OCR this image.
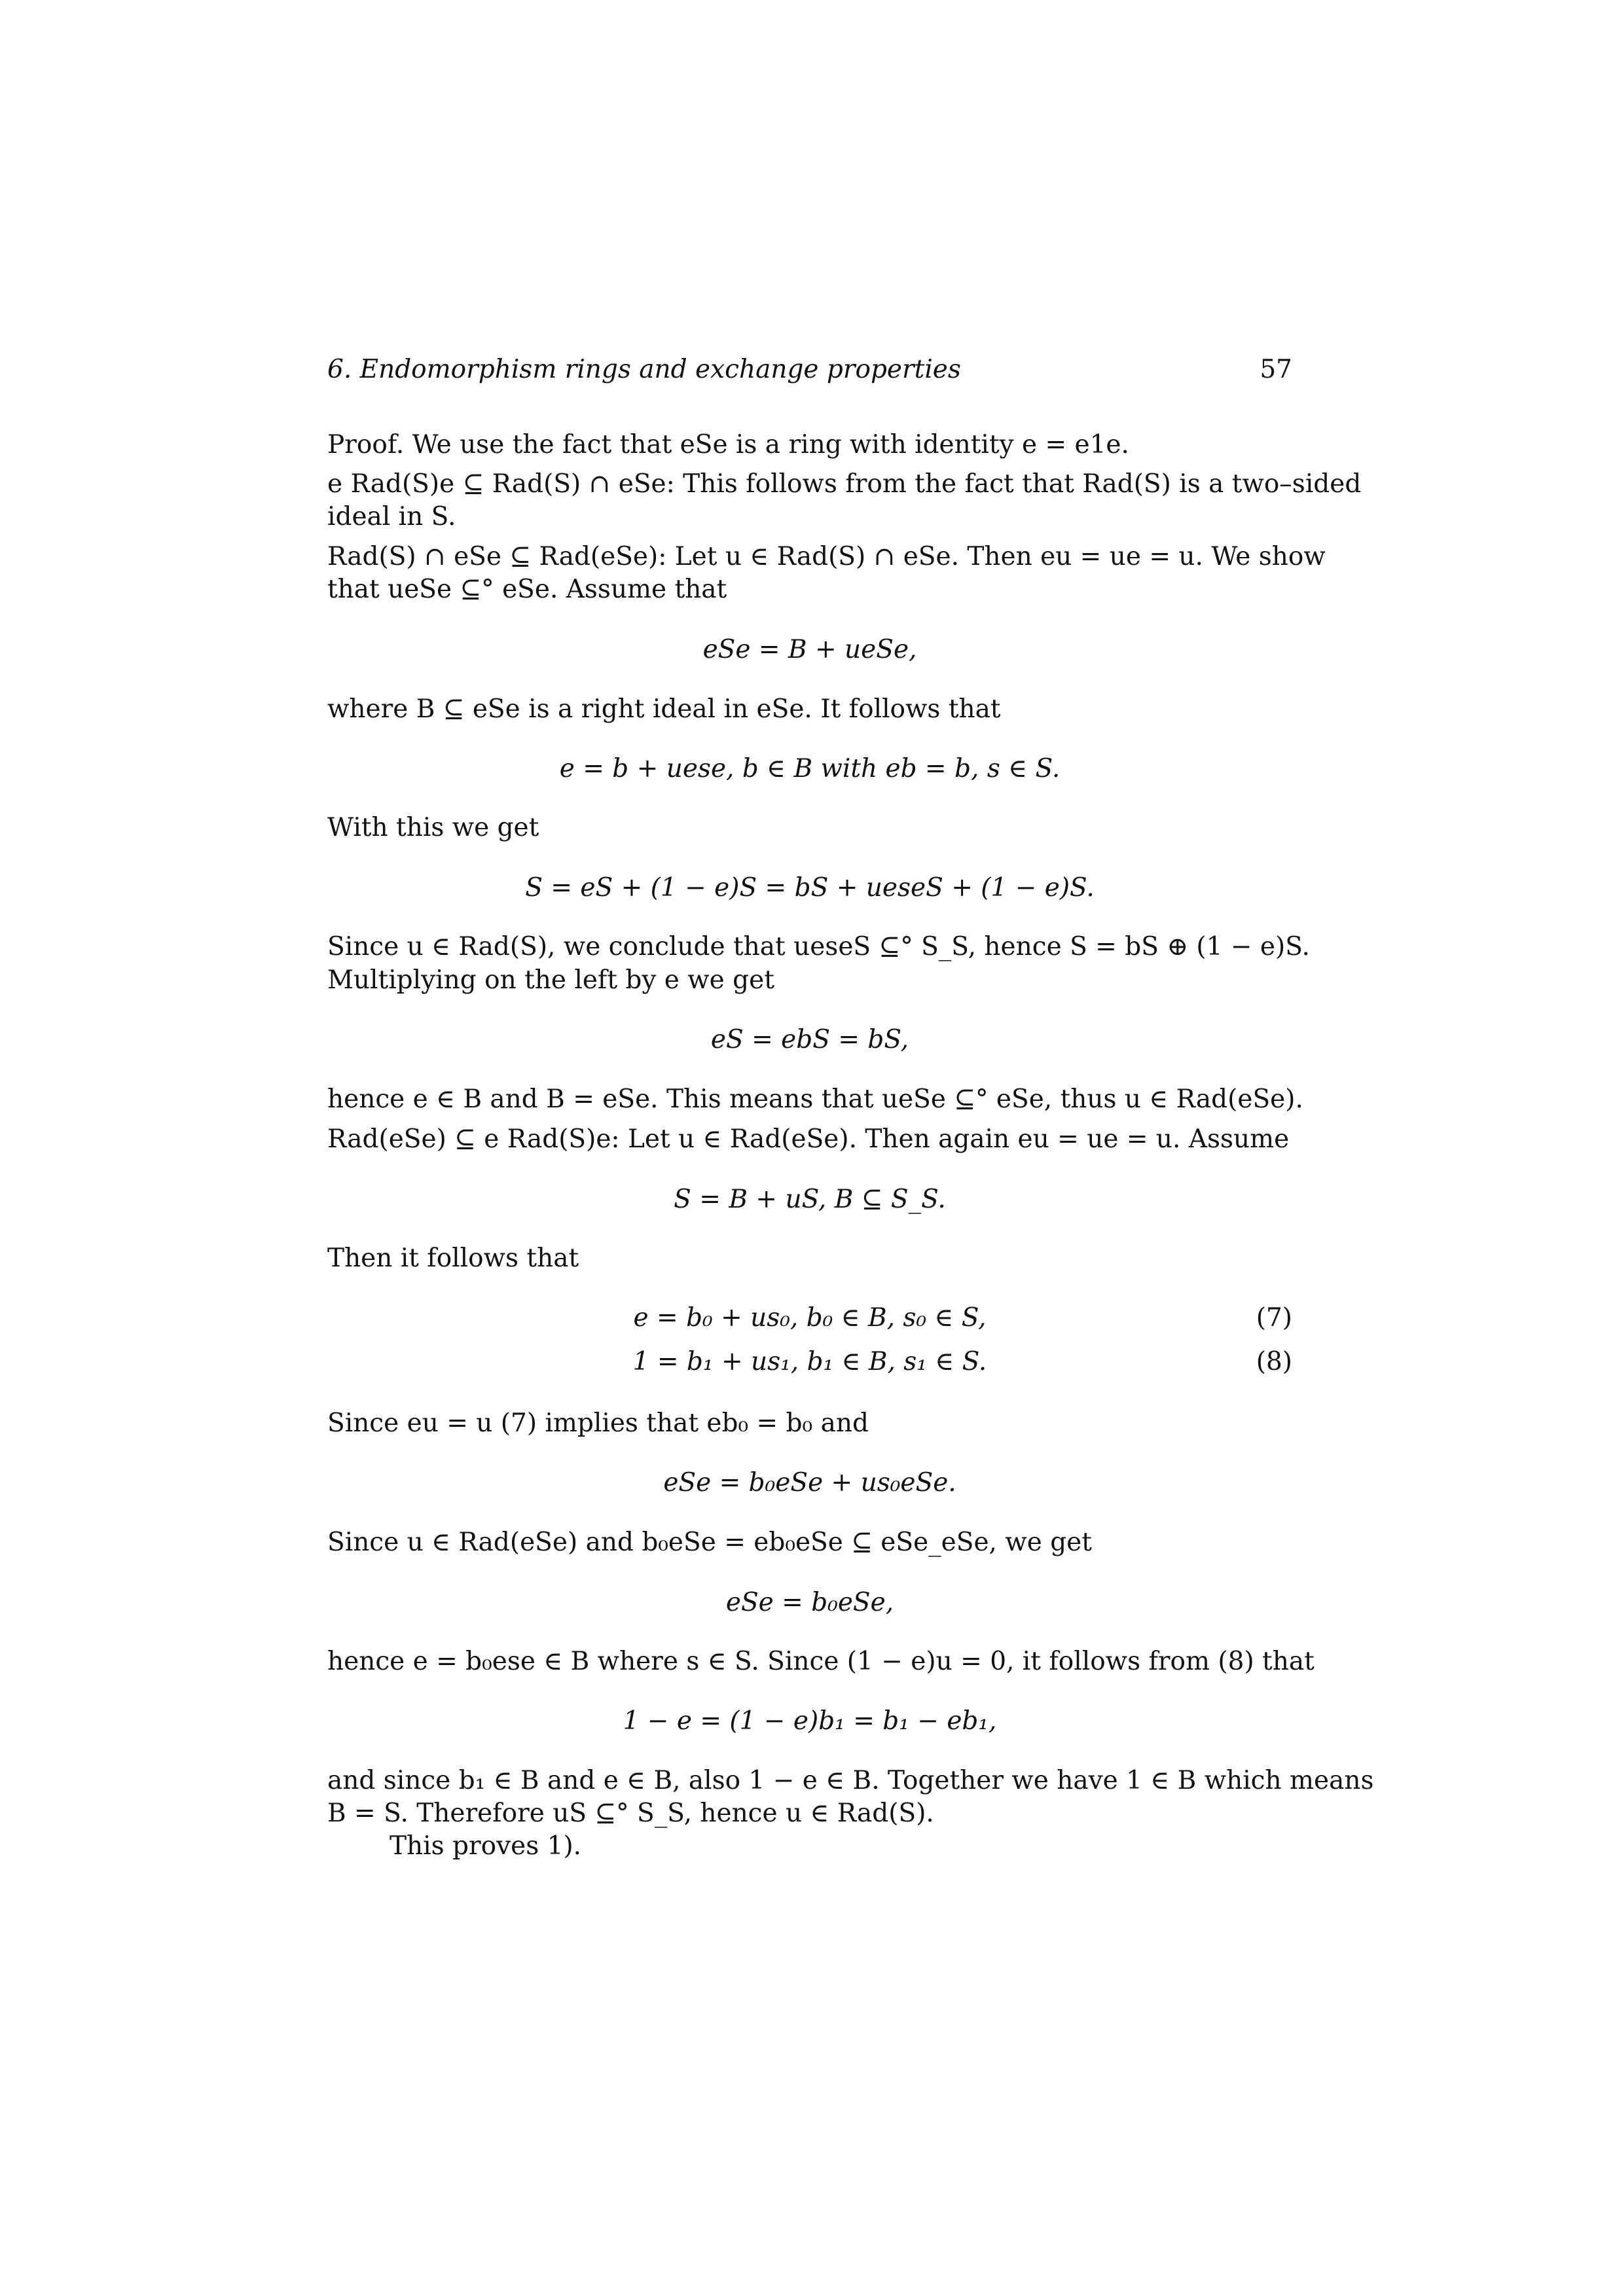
6. Endomorphism rings and exchange properties	57
Proof. We use the fact that eSe is a ring with identity e = e1e.
e Rad(S)e ⊆ Rad(S) ∩ eSe: This follows from the fact that Rad(S) is a two–sided
ideal in S.
Rad(S) ∩ eSe ⊆ Rad(eSe): Let u ∈ Rad(S) ∩ eSe. Then eu = ue = u. We show
that ueSe ⊆° eSe. Assume that
eSe = B + ueSe,
where B ⊆ eSe is a right ideal in eSe. It follows that
e = b + uese, b ∈ B with eb = b, s ∈ S.
With this we get
S = eS + (1 − e)S = bS + ueseS + (1 − e)S.
Since u ∈ Rad(S), we conclude that ueseS ⊆° S_S, hence S = bS ⊕ (1 − e)S.
Multiplying on the left by e we get
eS = ebS = bS,
hence e ∈ B and B = eSe. This means that ueSe ⊆° eSe, thus u ∈ Rad(eSe).
Rad(eSe) ⊆ e Rad(S)e: Let u ∈ Rad(eSe). Then again eu = ue = u. Assume
S = B + uS, B ⊆ S_S.
Then it follows that
e = b₀ + us₀, b₀ ∈ B, s₀ ∈ S,	(7)
1 = b₁ + us₁, b₁ ∈ B, s₁ ∈ S.	(8)
Since eu = u (7) implies that eb₀ = b₀ and
eSe = b₀eSe + us₀eSe.
Since u ∈ Rad(eSe) and b₀eSe = eb₀eSe ⊆ eSe_eSe, we get
eSe = b₀eSe,
hence e = b₀ese ∈ B where s ∈ S. Since (1 − e)u = 0, it follows from (8) that
1 − e = (1 − e)b₁ = b₁ − eb₁,
and since b₁ ∈ B and e ∈ B, also 1 − e ∈ B. Together we have 1 ∈ B which means
B = S. Therefore uS ⊆° S_S, hence u ∈ Rad(S).
This proves 1).
